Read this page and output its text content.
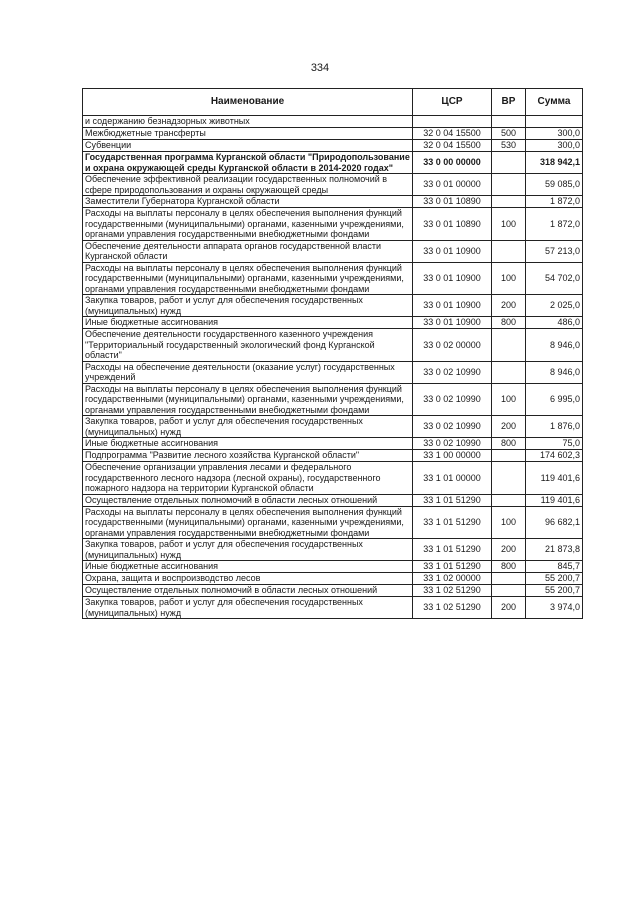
334
Наименование	ЦСР	ВР	Сумма
и содержанию безнадзорных животных			
Межбюджетные трансферты	32 0 04 15500	500	300,0
Субвенции	32 0 04 15500	530	300,0
Государственная программа Курганской области "Природопользование и охрана окружающей среды Курганской области в 2014-2020 годах"	33 0 00 00000		318 942,1
Обеспечение эффективной реализации государственных полномочий в сфере природопользования и охраны окружающей среды	33 0 01 00000		59 085,0
Заместители Губернатора Курганской области	33 0 01 10890		1 872,0
Расходы на выплаты персоналу в целях обеспечения выполнения функций государственными (муниципальными) органами, казенными учреждениями, органами управления государственными внебюджетными фондами	33 0 01 10890	100	1 872,0
Обеспечение деятельности аппарата органов государственной власти Курганской области	33 0 01 10900		57 213,0
Расходы на выплаты персоналу в целях обеспечения выполнения функций государственными (муниципальными) органами, казенными учреждениями, органами управления государственными внебюджетными фондами	33 0 01 10900	100	54 702,0
Закупка товаров, работ и услуг для обеспечения государственных (муниципальных) нужд	33 0 01 10900	200	2 025,0
Иные бюджетные ассигнования	33 0 01 10900	800	486,0
Обеспечение деятельности государственного казенного учреждения "Территориальный государственный экологический фонд Курганской области"	33 0 02 00000		8 946,0
Расходы на обеспечение деятельности (оказание услуг) государственных учреждений	33 0 02 10990		8 946,0
Расходы на выплаты персоналу в целях обеспечения выполнения функций государственными (муниципальными) органами, казенными учреждениями, органами управления государственными внебюджетными фондами	33 0 02 10990	100	6 995,0
Закупка товаров, работ и услуг для обеспечения государственных (муниципальных) нужд	33 0 02 10990	200	1 876,0
Иные бюджетные ассигнования	33 0 02 10990	800	75,0
Подпрограмма "Развитие лесного хозяйства Курганской области"	33 1 00 00000		174 602,3
Обеспечение организации управления лесами и федерального государственного лесного надзора (лесной охраны), государственного пожарного надзора на территории Курганской области	33 1 01 00000		119 401,6
Осуществление отдельных полномочий в области лесных отношений	33 1 01 51290		119 401,6
Расходы на выплаты персоналу в целях обеспечения выполнения функций государственными (муниципальными) органами, казенными учреждениями, органами управления государственными внебюджетными фондами	33 1 01 51290	100	96 682,1
Закупка товаров, работ и услуг для обеспечения государственных (муниципальных) нужд	33 1 01 51290	200	21 873,8
Иные бюджетные ассигнования	33 1 01 51290	800	845,7
Охрана, защита и воспроизводство лесов	33 1 02 00000		55 200,7
Осуществление отдельных полномочий в области лесных отношений	33 1 02 51290		55 200,7
Закупка товаров, работ и услуг для обеспечения государственных (муниципальных) нужд	33 1 02 51290	200	3 974,0
